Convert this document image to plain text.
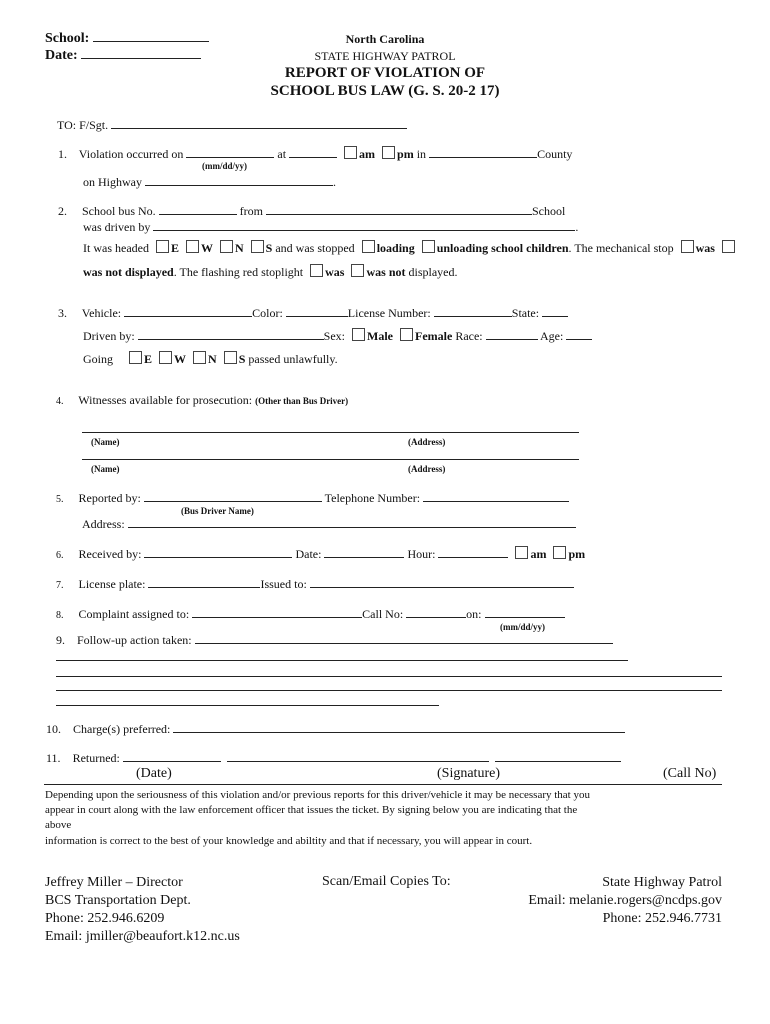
School:
Date:
North Carolina
STATE HIGHWAY PATROL
REPORT OF VIOLATION OF
SCHOOL BUS LAW (G. S. 20-2 17)
TO: F/Sgt.
1. Violation occurred on	at	am pm in	County
(mm/dd/yy)
on Highway	.
2. School bus No.	from	School
was driven by	.
It was headed E W N S and was stopped loading unloading school children. The mechanical stop was
was not displayed. The flashing red stoplight was was not displayed.
3. Vehicle:	Color:	License Number:	State:
Driven by:	Sex: Male Female Race:	Age:
Going	E W N S passed unlawfully.
4. Witnesses available for prosecution: (Other than Bus Driver)
(Name)	(Address)
(Name)	(Address)
5. Reported by:	Telephone Number:
(Bus Driver Name)
Address:
6. Received by:	Date:	Hour:	am pm
7. License plate:	Issued to:
8. Complaint assigned to:	Call No:	on:
(mm/dd/yy)
9. Follow-up action taken:
10. Charge(s) preferred:
11. Returned:
(Date)	(Signature)	(Call No)
Depending upon the seriousness of this violation and/or previous reports for this driver/vehicle it may be necessary that you
appear in court along with the law enforcement officer that issues the ticket. By signing below you are indicating that the
above
information is correct to the best of your knowledge and abiltity and that if necessary, you will appear in court.
Jeffrey Miller – Director
BCS Transportation Dept.
Phone: 252.946.6209
Email: jmiller@beaufort.k12.nc.us
Scan/Email Copies To:	State Highway Patrol
Email: melanie.rogers@ncdps.gov
Phone: 252.946.7731
